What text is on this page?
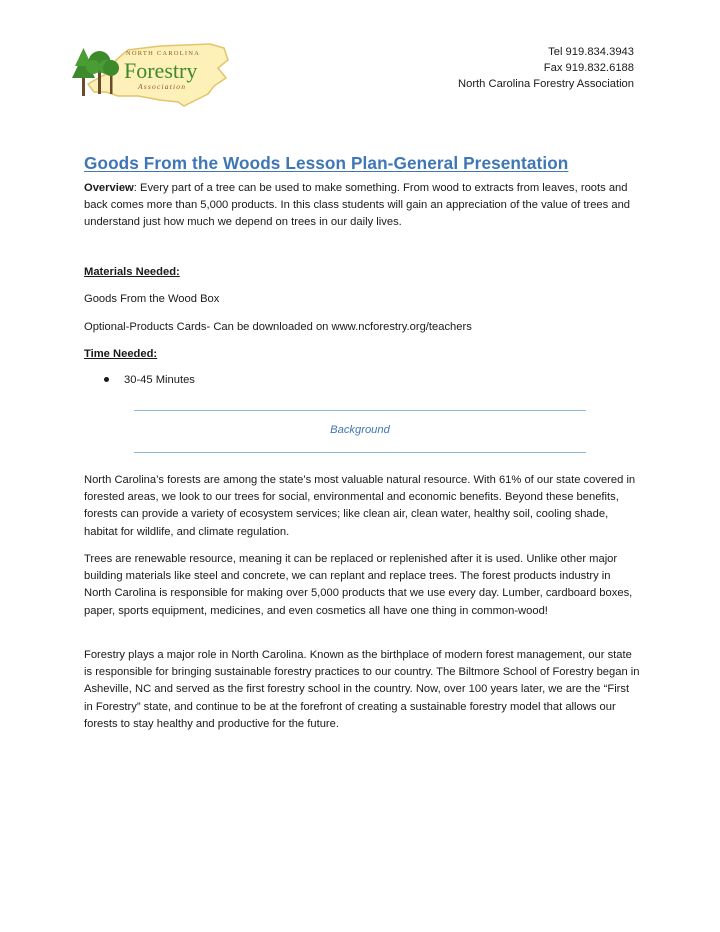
NORTH CAROLINA
Forestry
Association
Tel 919.834.3943
Fax 919.832.6188
North Carolina Forestry Association
Goods From the Woods Lesson Plan-General Presentation
Overview: Every part of a tree can be used to make something. From wood to extracts from leaves, roots and back comes more than 5,000 products. In this class students will gain an appreciation of the value of trees and understand just how much we depend on trees in our daily lives.
Materials Needed:
Goods From the Wood Box
Optional-Products Cards- Can be downloaded on www.ncforestry.org/teachers
Time Needed:
30-45 Minutes
Background

North Carolina’s forests are among the state’s most valuable natural resource. With 61% of our state covered in forested areas, we look to our trees for social, environmental and economic benefits. Beyond these benefits, forests can provide a variety of ecosystem services; like clean air, clean water, healthy soil, cooling shade, habitat for wildlife, and climate regulation.

Trees are renewable resource, meaning it can be replaced or replenished after it is used. Unlike other major building materials like steel and concrete, we can replant and replace trees. The forest products industry in North Carolina is responsible for making over 5,000 products that we use every day. Lumber, cardboard boxes, paper, sports equipment, medicines, and even cosmetics all have one thing in common-wood!

Forestry plays a major role in North Carolina. Known as the birthplace of modern forest management, our state is responsible for bringing sustainable forestry practices to our country. The Biltmore School of Forestry began in Asheville, NC and served as the first forestry school in the country. Now, over 100 years later, we are the “First in Forestry” state, and continue to be at the forefront of creating a sustainable forestry model that allows our forests to stay healthy and productive for the future.
